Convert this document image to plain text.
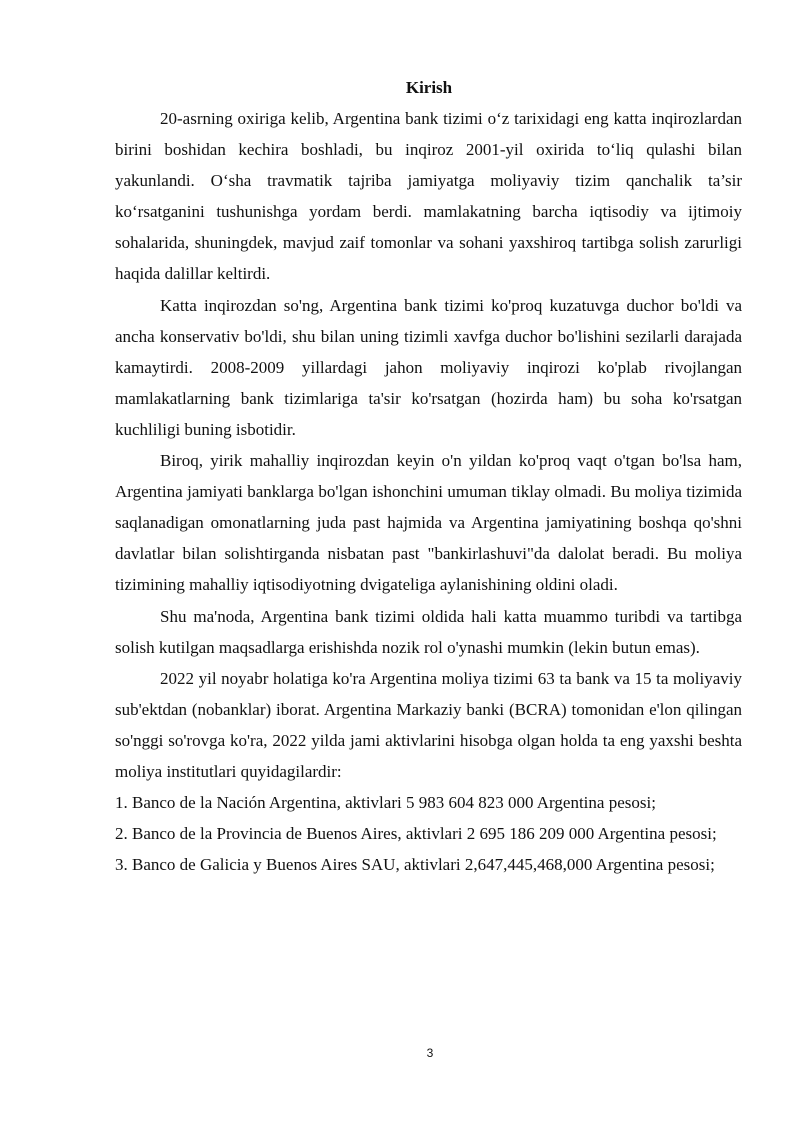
Kirish

20-asrning oxiriga kelib, Argentina bank tizimi o‘z tarixidagi eng katta inqirozlardan birini boshidan kechira boshladi, bu inqiroz 2001-yil oxirida to‘liq qulashi bilan yakunlandi. O‘sha travmatik tajriba jamiyatga moliyaviy tizim qanchalik ta’sir ko‘rsatganini tushunishga yordam berdi. mamlakatning barcha iqtisodiy va ijtimoiy sohalarida, shuningdek, mavjud zaif tomonlar va sohani yaxshiroq tartibga solish zarurligi haqida dalillar keltirdi.

Katta inqirozdan so'ng, Argentina bank tizimi ko'proq kuzatuvga duchor bo'ldi va ancha konservativ bo'ldi, shu bilan uning tizimli xavfga duchor bo'lishini sezilarli darajada kamaytirdi. 2008-2009 yillardagi jahon moliyaviy inqirozi ko'plab rivojlangan mamlakatlarning bank tizimlariga ta'sir ko'rsatgan (hozirda ham) bu soha ko'rsatgan kuchliligi buning isbotidir.

Biroq, yirik mahalliy inqirozdan keyin o'n yildan ko'proq vaqt o'tgan bo'lsa ham, Argentina jamiyati banklarga bo'lgan ishonchini umuman tiklay olmadi. Bu moliya tizimida saqlanadigan omonatlarning juda past hajmida va Argentina jamiyatining boshqa qo'shni davlatlar bilan solishtirganda nisbatan past "bankirlashuvi"da dalolat beradi. Bu moliya tizimining mahalliy iqtisodiyotning dvigateliga aylanishining oldini oladi.

Shu ma'noda, Argentina bank tizimi oldida hali katta muammo turibdi va tartibga solish kutilgan maqsadlarga erishishda nozik rol o'ynashi mumkin (lekin butun emas).

2022 yil noyabr holatiga ko'ra Argentina moliya tizimi 63 ta bank va 15 ta moliyaviy sub'ektdan (nobanklar) iborat. Argentina Markaziy banki (BCRA) tomonidan e'lon qilingan so'nggi so'rovga ko'ra, 2022 yilda jami aktivlarini hisobga olgan holda ta eng yaxshi beshta moliya institutlari quyidagilardir:

1. Banco de la Nación Argentina, aktivlari 5 983 604 823 000 Argentina pesosi;

2. Banco de la Provincia de Buenos Aires, aktivlari 2 695 186 209 000 Argentina pesosi;

3. Banco de Galicia y Buenos Aires SAU, aktivlari 2,647,445,468,000 Argentina pesosi;

3
